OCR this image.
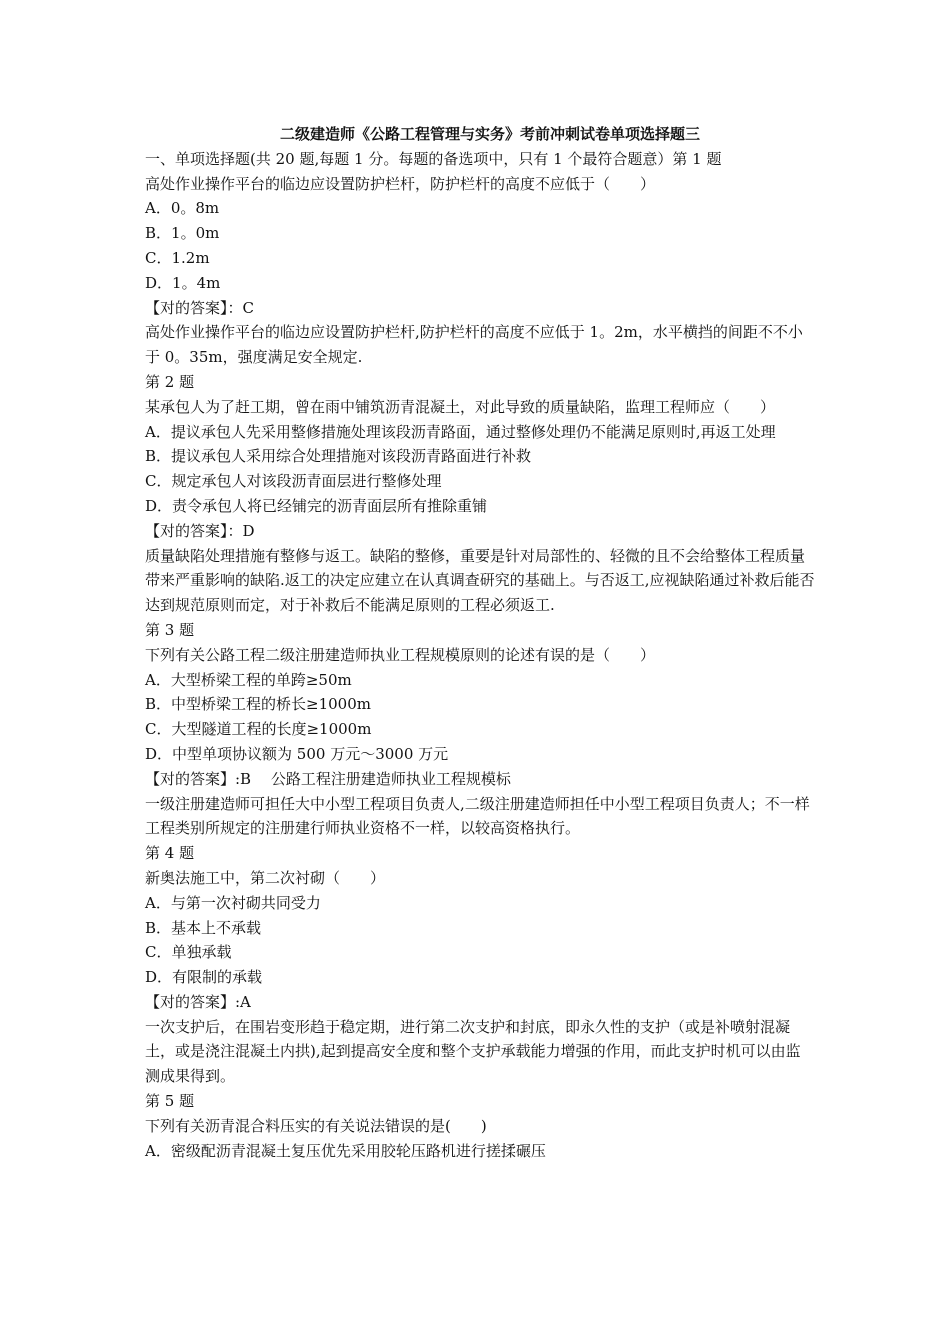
二级建造师《公路工程管理与实务》考前冲刺试卷单项选择题三
一、单项选择题(共 20 题,每题 1 分。每题的备选项中，只有 1 个最符合题意）第 1 题
高处作业操作平台的临边应设置防护栏杆，防护栏杆的高度不应低于（　　）
A．0。8m
B．1。0m
C．1.2m
D．1。4m
【对的答案】：C
高处作业操作平台的临边应设置防护栏杆,防护栏杆的高度不应低于 1。2m，水平横挡的间距不不小于 0。35m，强度满足安全规定.
第 2 题
某承包人为了赶工期，曾在雨中铺筑沥青混凝土，对此导致的质量缺陷，监理工程师应（　　）
A．提议承包人先采用整修措施处理该段沥青路面，通过整修处理仍不能满足原则时,再返工处理
B．提议承包人采用综合处理措施对该段沥青路面进行补救
C．规定承包人对该段沥青面层进行整修处理
D．责令承包人将已经铺完的沥青面层所有推除重铺
【对的答案】：D
质量缺陷处理措施有整修与返工。缺陷的整修，重要是针对局部性的、轻微的且不会给整体工程质量带来严重影响的缺陷.返工的决定应建立在认真调查研究的基础上。与否返工,应视缺陷通过补救后能否达到规范原则而定，对于补救后不能满足原则的工程必须返工.
第 3 题
下列有关公路工程二级注册建造师执业工程规模原则的论述有误的是（　　）
A．大型桥梁工程的单跨≥50m
B．中型桥梁工程的桥长≥1000m
C．大型隧道工程的长度≥1000m
D．中型单项协议额为 500 万元～3000 万元
【对的答案】:B　 公路工程注册建造师执业工程规模标
一级注册建造师可担任大中小型工程项目负责人,二级注册建造师担任中小型工程项目负责人；不一样工程类别所规定的注册建行师执业资格不一样，以较高资格执行。
第 4 题
新奥法施工中，第二次衬砌（　　）
A．与第一次衬砌共同受力
B．基本上不承载
C．单独承载
D．有限制的承载
【对的答案】:A
一次支护后，在围岩变形趋于稳定期，进行第二次支护和封底，即永久性的支护（或是补喷射混凝土，或是浇注混凝土内拱),起到提高安全度和整个支护承载能力增强的作用，而此支护时机可以由监测成果得到。
第 5 题
下列有关沥青混合料压实的有关说法错误的是(　　)
A．密级配沥青混凝土复压优先采用胶轮压路机进行搓揉碾压
